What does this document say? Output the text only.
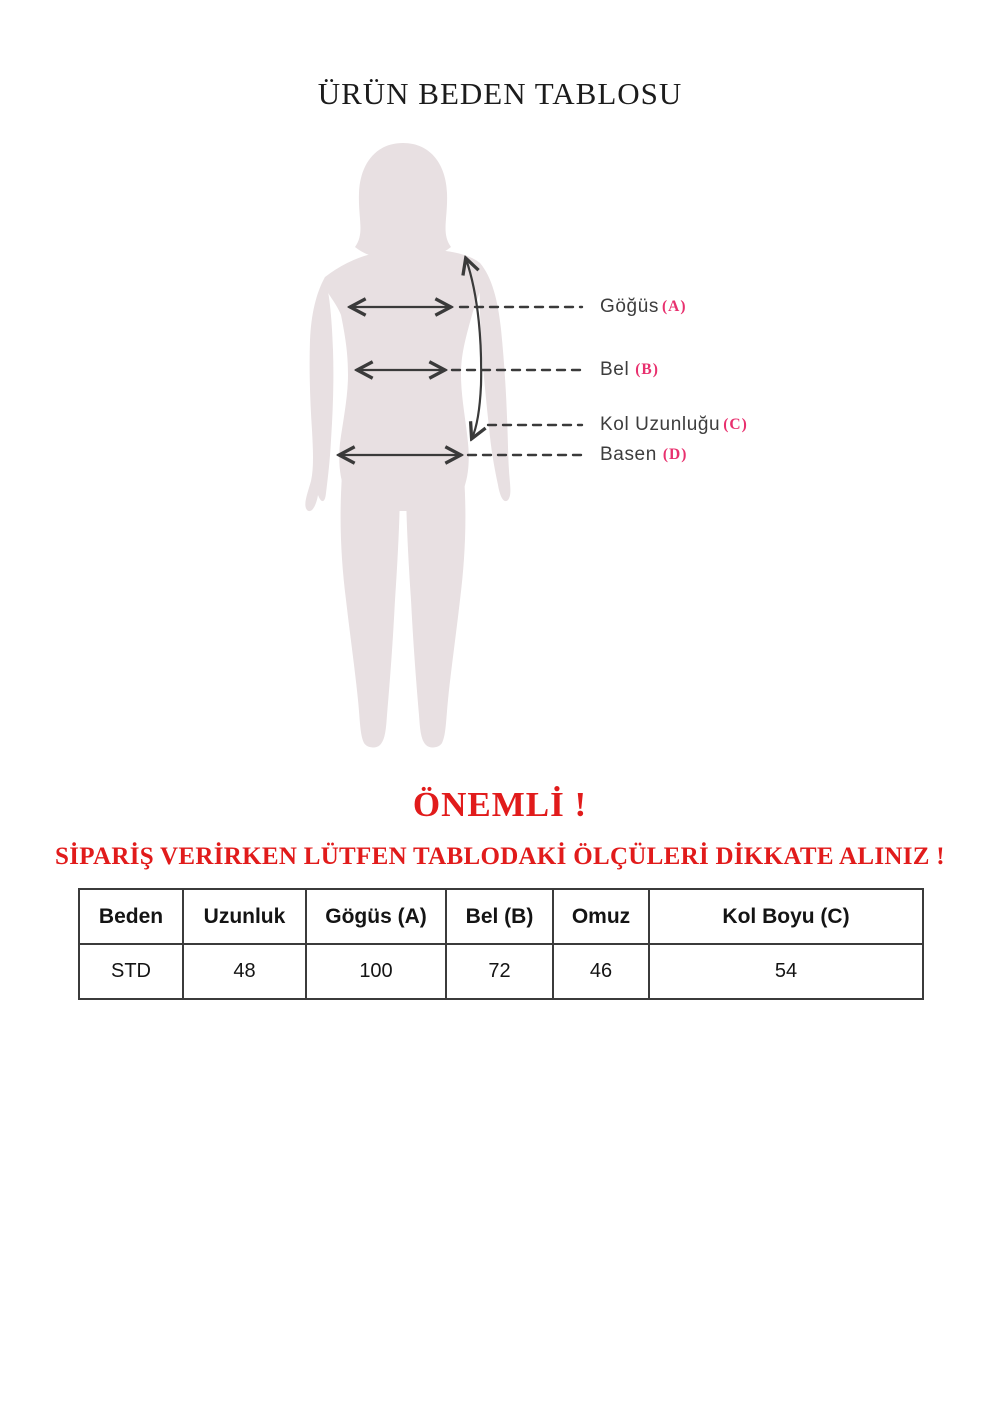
ÜRÜN BEDEN TABLOSU
Göğüs (A)
Bel (B)
Kol Uzunluğu (C)
Basen (D)
ÖNEMLİ !
SİPARİŞ VERİRKEN LÜTFEN TABLODAKİ ÖLÇÜLERİ DİKKATE ALINIZ !
Beden	Uzunluk	Gögüs (A)	Bel (B)	Omuz	Kol Boyu (C)
STD	48	100	72	46	54
